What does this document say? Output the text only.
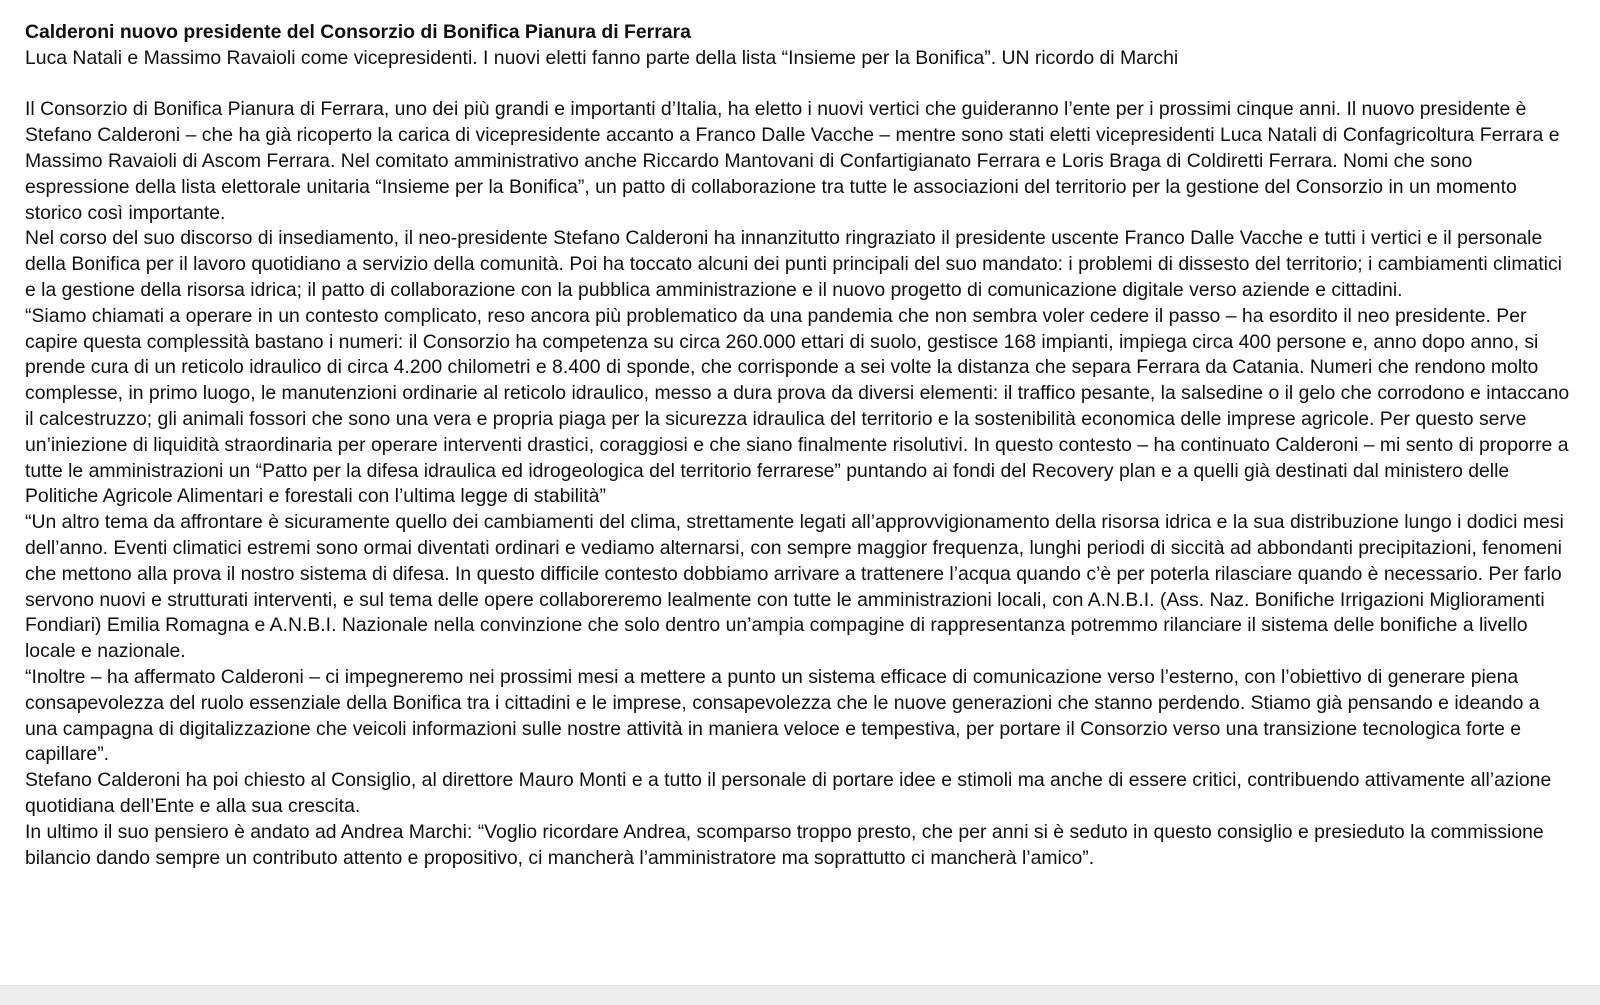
Calderoni nuovo presidente del Consorzio di Bonifica Pianura di Ferrara

Luca Natali e Massimo Ravaioli come vicepresidenti. I nuovi eletti fanno parte della lista “Insieme per la Bonifica”. UN ricordo di Marchi

Il Consorzio di Bonifica Pianura di Ferrara, uno dei più grandi e importanti d’Italia, ha eletto i nuovi vertici che guideranno l’ente per i prossimi cinque anni. Il nuovo presidente è Stefano Calderoni – che ha già ricoperto la carica di vicepresidente accanto a Franco Dalle Vacche – mentre sono stati eletti vicepresidenti Luca Natali di Confagricoltura Ferrara e Massimo Ravaioli di Ascom Ferrara. Nel comitato amministrativo anche Riccardo Mantovani di Confartigianato Ferrara e Loris Braga di Coldiretti Ferrara. Nomi che sono espressione della lista elettorale unitaria “Insieme per la Bonifica”, un patto di collaborazione tra tutte le associazioni del territorio per la gestione del Consorzio in un momento storico così importante.

Nel corso del suo discorso di insediamento, il neo-presidente Stefano Calderoni ha innanzitutto ringraziato il presidente uscente Franco Dalle Vacche e tutti i vertici e il personale della Bonifica per il lavoro quotidiano a servizio della comunità. Poi ha toccato alcuni dei punti principali del suo mandato: i problemi di dissesto del territorio; i cambiamenti climatici e la gestione della risorsa idrica; il patto di collaborazione con la pubblica amministrazione e il nuovo progetto di comunicazione digitale verso aziende e cittadini.

“Siamo chiamati a operare in un contesto complicato, reso ancora più problematico da una pandemia che non sembra voler cedere il passo – ha esordito il neo presidente. Per capire questa complessità bastano i numeri: il Consorzio ha competenza su circa 260.000 ettari di suolo, gestisce 168 impianti, impiega circa 400 persone e, anno dopo anno, si prende cura di un reticolo idraulico di circa 4.200 chilometri e 8.400 di sponde, che corrisponde a sei volte la distanza che separa Ferrara da Catania. Numeri che rendono molto complesse, in primo luogo, le manutenzioni ordinarie al reticolo idraulico, messo a dura prova da diversi elementi: il traffico pesante, la salsedine o il gelo che corrodono e intaccano il calcestruzzo; gli animali fossori che sono una vera e propria piaga per la sicurezza idraulica del territorio e la sostenibilità economica delle imprese agricole. Per questo serve un’iniezione di liquidità straordinaria per operare interventi drastici, coraggiosi e che siano finalmente risolutivi. In questo contesto – ha continuato Calderoni – mi sento di proporre a tutte le amministrazioni un “Patto per la difesa idraulica ed idrogeologica del territorio ferrarese” puntando ai fondi del Recovery plan e a quelli già destinati dal ministero delle Politiche Agricole Alimentari e forestali con l’ultima legge di stabilità”

“Un altro tema da affrontare è sicuramente quello dei cambiamenti del clima, strettamente legati all’approvvigionamento della risorsa idrica e la sua distribuzione lungo i dodici mesi dell’anno. Eventi climatici estremi sono ormai diventati ordinari e vediamo alternarsi, con sempre maggior frequenza, lunghi periodi di siccità ad abbondanti precipitazioni, fenomeni che mettono alla prova il nostro sistema di difesa. In questo difficile contesto dobbiamo arrivare a trattenere l’acqua quando c’è per poterla rilasciare quando è necessario. Per farlo servono nuovi e strutturati interventi, e sul tema delle opere collaboreremo lealmente con tutte le amministrazioni locali, con A.N.B.I. (Ass. Naz. Bonifiche Irrigazioni Miglioramenti Fondiari) Emilia Romagna e A.N.B.I. Nazionale nella convinzione che solo dentro un’ampia compagine di rappresentanza potremmo rilanciare il sistema delle bonifiche a livello locale e nazionale.

“Inoltre – ha affermato Calderoni – ci impegneremo nei prossimi mesi a mettere a punto un sistema efficace di comunicazione verso l’esterno, con l’obiettivo di generare piena consapevolezza del ruolo essenziale della Bonifica tra i cittadini e le imprese, consapevolezza che le nuove generazioni che stanno perdendo. Stiamo già pensando e ideando a una campagna di digitalizzazione che veicoli informazioni sulle nostre attività in maniera veloce e tempestiva, per portare il Consorzio verso una transizione tecnologica forte e capillare”.

Stefano Calderoni ha poi chiesto al Consiglio, al direttore Mauro Monti e a tutto il personale di portare idee e stimoli ma anche di essere critici, contribuendo attivamente all’azione quotidiana dell’Ente e alla sua crescita.

In ultimo il suo pensiero è andato ad Andrea Marchi: “Voglio ricordare Andrea, scomparso troppo presto, che per anni si è seduto in questo consiglio e presieduto la commissione bilancio dando sempre un contributo attento e propositivo, ci mancherà l’amministratore ma soprattutto ci mancherà l’amico”.
